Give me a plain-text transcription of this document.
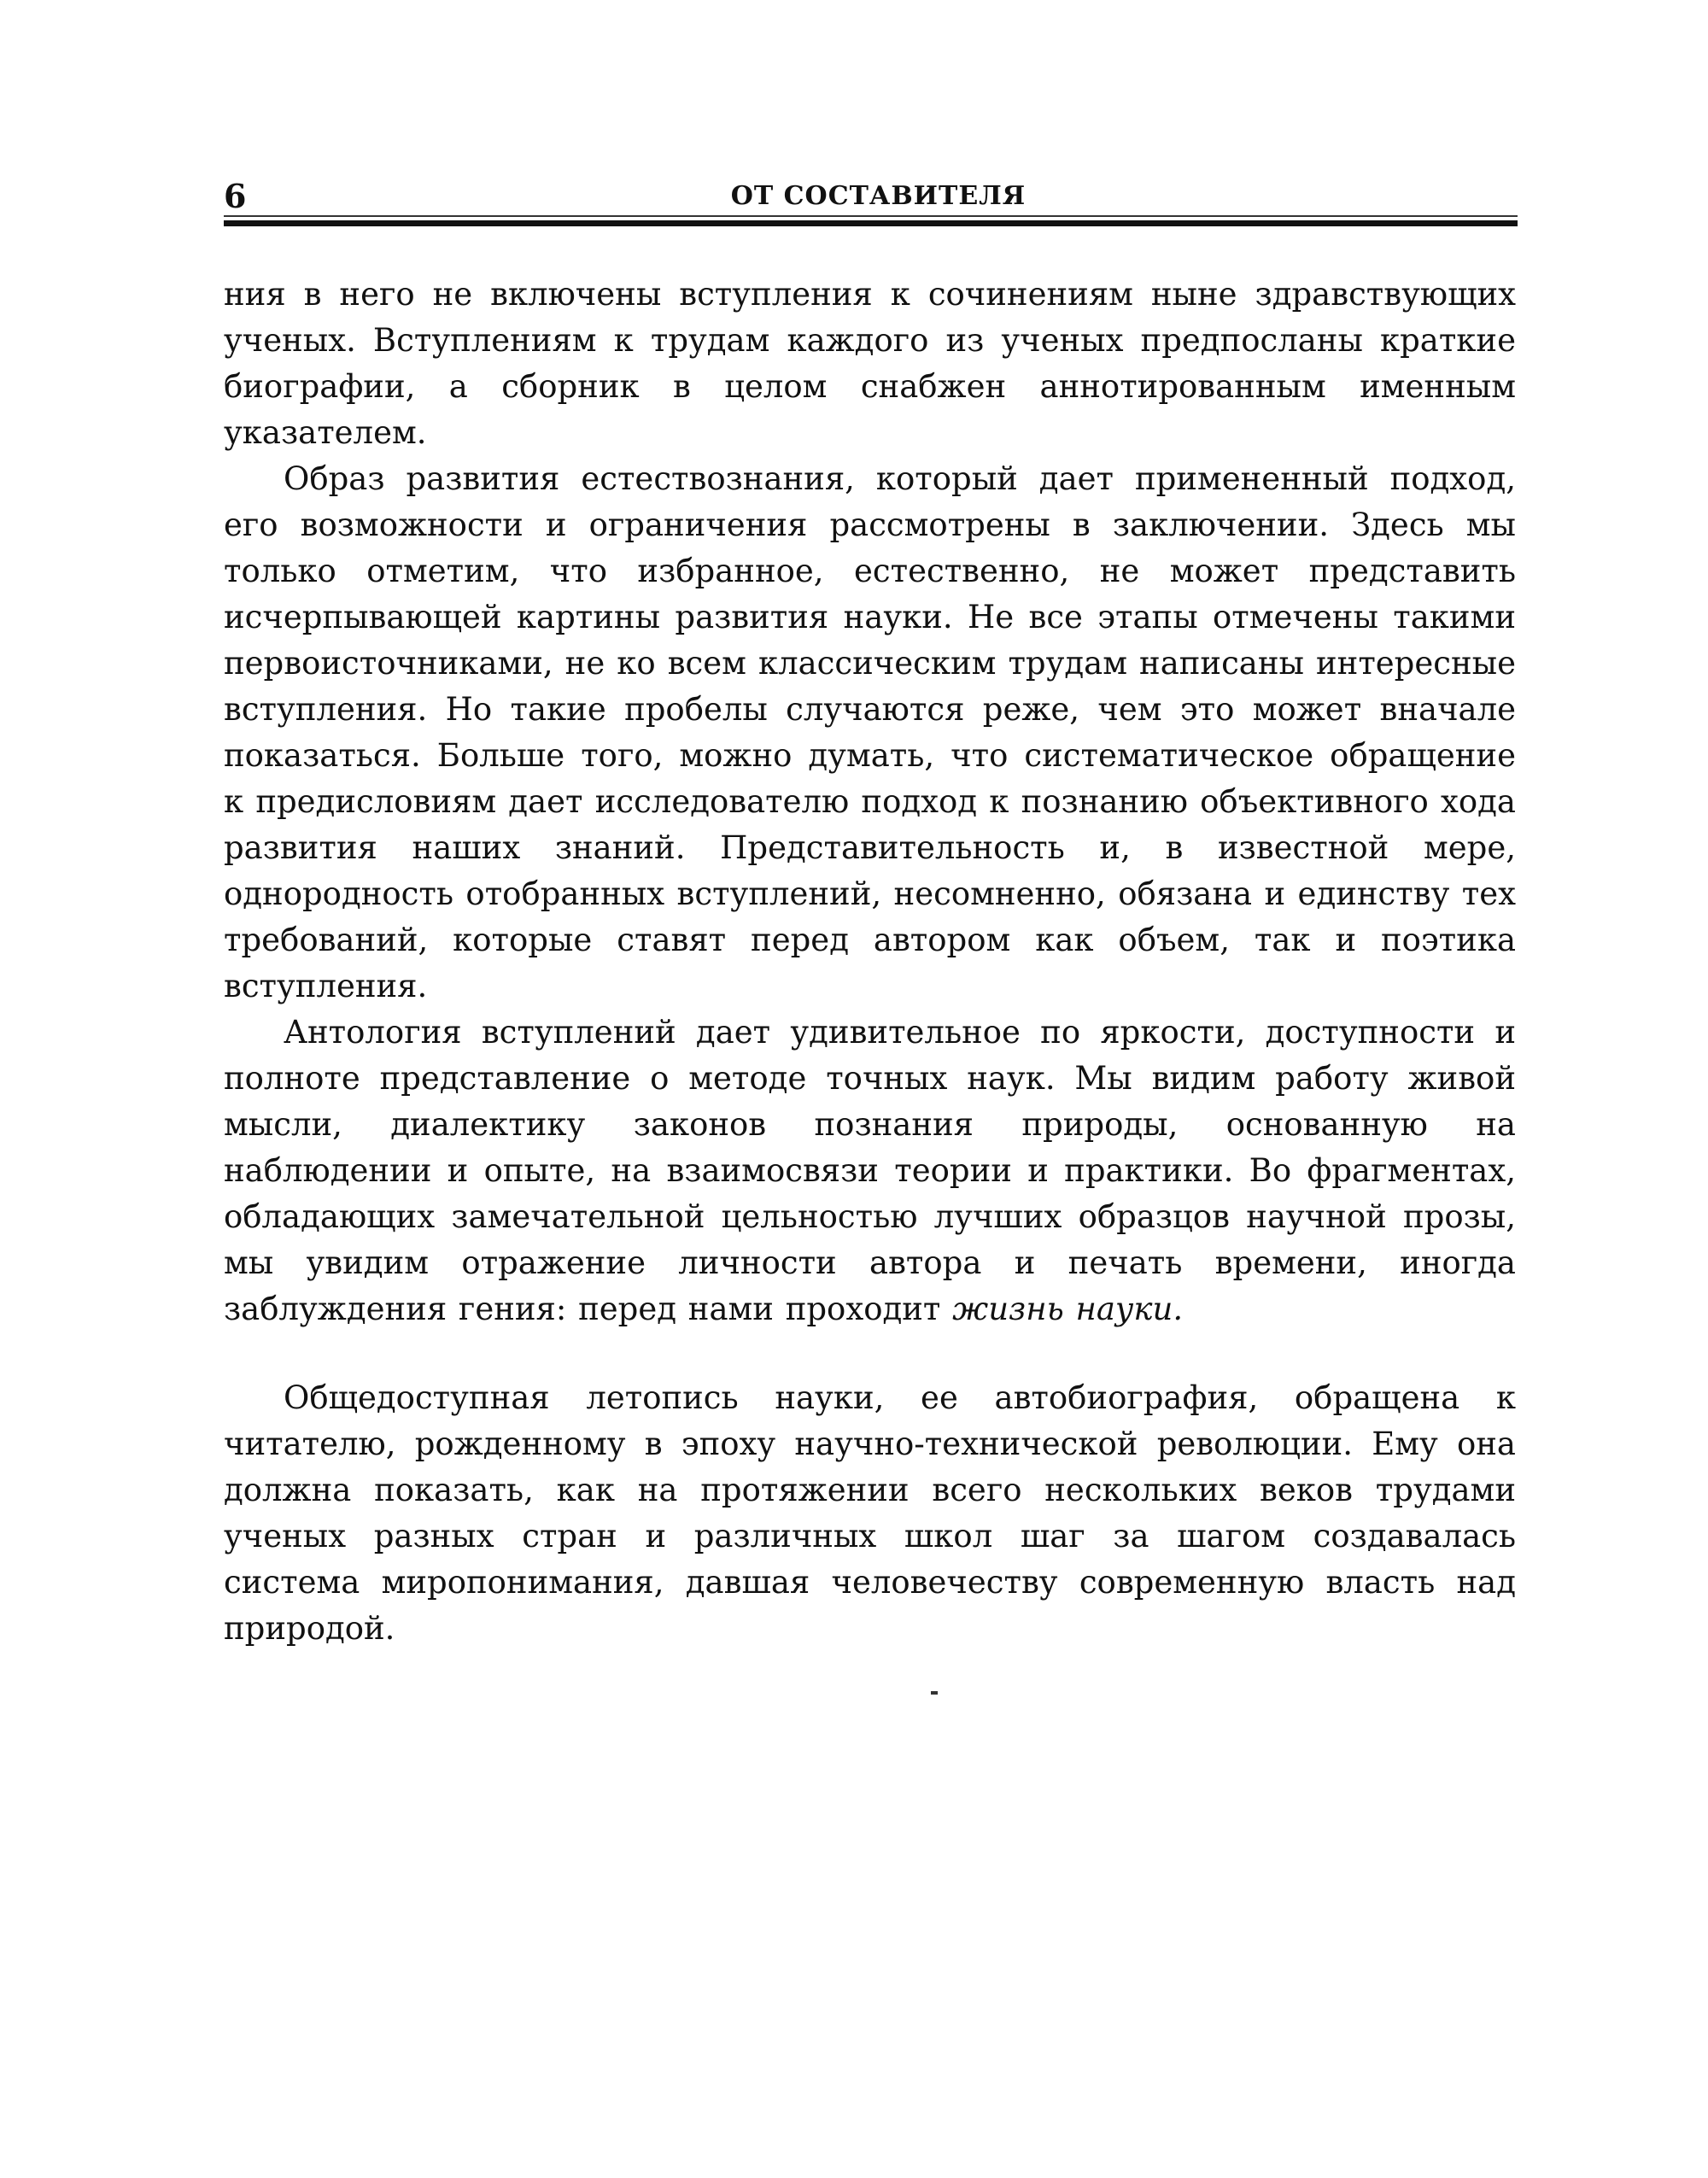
6	ОТ СОСТАВИТЕЛЯ

ния в него не включены вступления к сочинениям ныне здравствующих ученых. Вступлениям к трудам каждого из ученых предпосланы краткие биографии, а сборник в целом снабжен аннотированным именным указателем.

Образ развития естествознания, который дает примененный подход, его возможности и ограничения рассмотрены в заключении. Здесь мы только отметим, что избранное, естественно, не может представить исчерпывающей картины развития науки. Не все этапы отмечены такими первоисточниками, не ко всем классическим трудам написаны интересные вступления. Но такие пробелы случаются реже, чем это может вначале показаться. Больше того, можно думать, что систематическое обращение к предисловиям дает исследователю подход к познанию объективного хода развития наших знаний. Представительность и, в известной мере, однородность отобранных вступлений, несомненно, обязана и единству тех требований, которые ставят перед автором как объем, так и поэтика вступления.

Антология вступлений дает удивительное по яркости, доступности и полноте представление о методе точных наук. Мы видим работу живой мысли, диалектику законов познания природы, основанную на наблюдении и опыте, на взаимосвязи теории и практики. Во фрагментах, обладающих замечательной цельностью лучших образцов научной прозы, мы увидим отражение личности автора и печать времени, иногда заблуждения гения: перед нами проходит жизнь науки.

Общедоступная летопись науки, ее автобиография, обращена к читателю, рожденному в эпоху научно-технической революции. Ему она должна показать, как на протяжении всего нескольких веков трудами ученых разных стран и различных школ шаг за шагом создавалась система миропонимания, давшая человечеству современную власть над природой.
